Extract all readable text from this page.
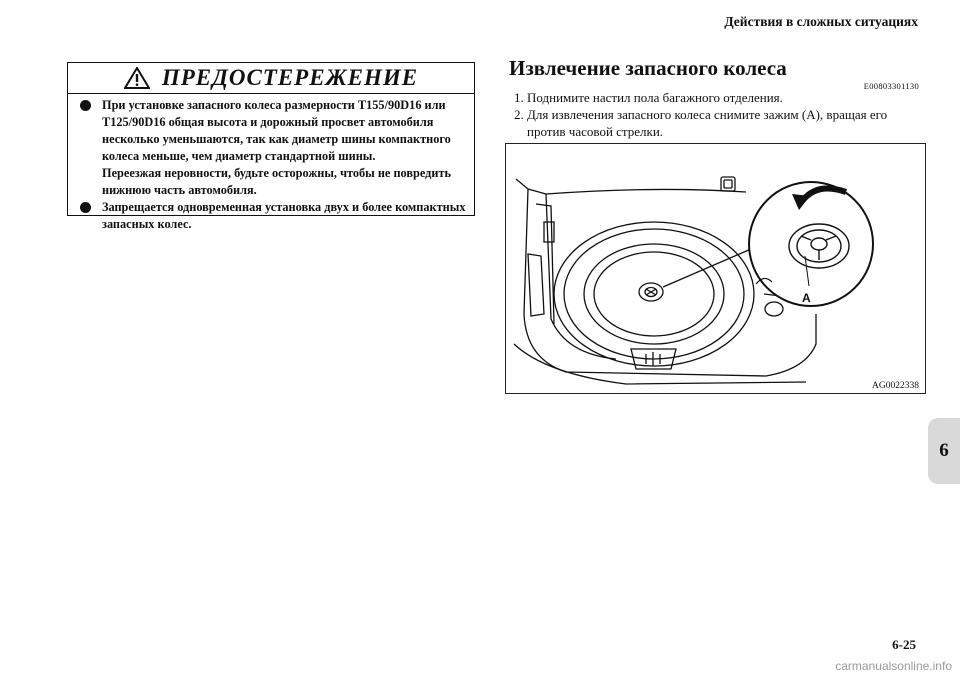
Действия в сложных ситуациях
ПРЕДОСТЕРЕЖЕНИЕ
При установке запасного колеса размерности T155/90D16 или T125/90D16 общая высота и дорожный просвет автомобиля несколько уменьшаются, так как диаметр шины компактного колеса меньше, чем диаметр стандартной шины.
Переезжая неровности, будьте осторожны, чтобы не повредить нижнюю часть автомобиля.
Запрещается одновременная установка двух и более компактных запасных колес.
Извлечение запасного колеса
E00803301130
1. Поднимите настил пола багажного отделения.
2. Для извлечения запасного колеса снимите зажим (А), вращая его против часовой стрелки.
A
AG0022338
6
6-25
carmanualsonline.info
